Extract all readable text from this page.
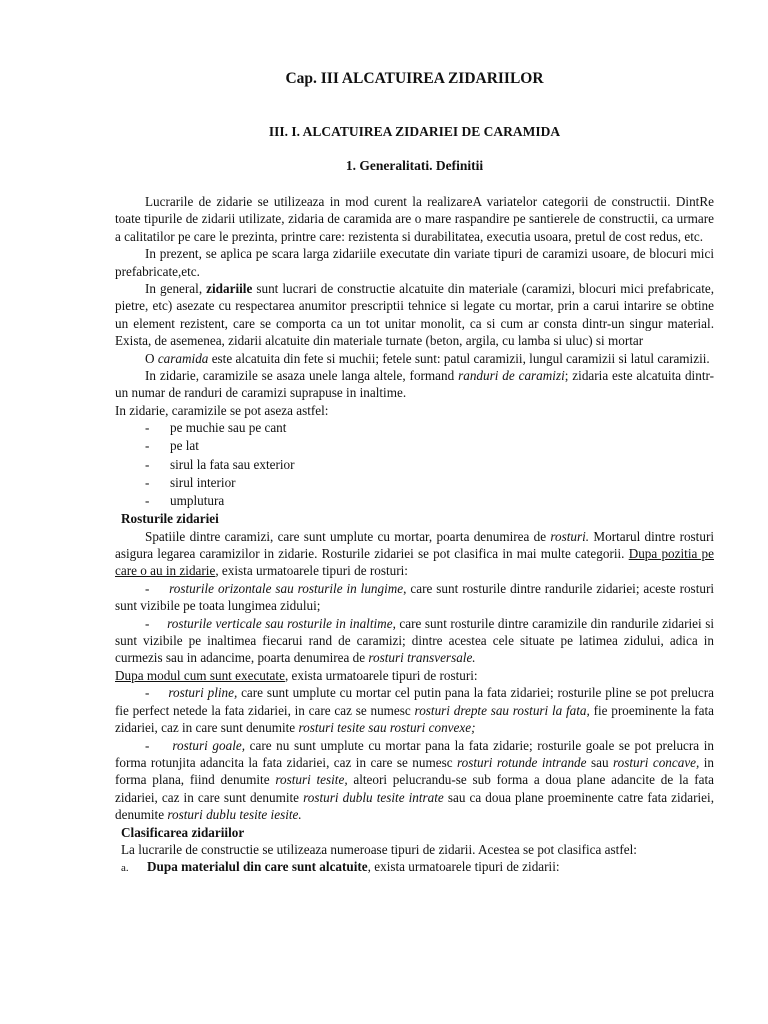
Cap. III ALCATUIREA ZIDARIILOR
III. I. ALCATUIREA ZIDARIEI DE CARAMIDA
1. Generalitati. Definitii

Lucrarile de zidarie se utilizeaza in mod curent la realizareA variatelor categorii de constructii. DintRe toate tipurile de zidarii utilizate, zidaria de caramida are o mare raspandire pe santierele de constructii, ca urmare a calitatilor pe care le prezinta, printre care: rezistenta si durabilitatea, executia usoara, pretul de cost redus, etc.

In prezent, se aplica pe scara larga zidariile executate din variate tipuri de caramizi usoare, de blocuri mici prefabricate,etc.

In general, zidariile sunt lucrari de constructie alcatuite din materiale (caramizi, blocuri mici prefabricate, pietre, etc) asezate cu respectarea anumitor prescriptii tehnice si legate cu mortar, prin a carui intarire se obtine un element rezistent, care se comporta ca un tot unitar monolit, ca si cum ar consta dintr-un singur material. Exista, de asemenea, zidarii alcatuite din materiale turnate (beton, argila, cu lamba si uluc) si mortar

O caramida este alcatuita din fete si muchii; fetele sunt: patul caramizii, lungul caramizii si latul caramizii.

In zidarie, caramizile se asaza unele langa altele, formand randuri de caramizi; zidaria este alcatuita dintr-un numar de randuri de caramizi suprapuse in inaltime.

In zidarie, caramizile se pot aseza astfel:

- pe muchie sau pe cant
- pe lat
- sirul la fata sau exterior
- sirul interior
- umplutura
Rosturile zidariei

Spatiile dintre caramizi, care sunt umplute cu mortar, poarta denumirea de rosturi. Mortarul dintre rosturi asigura legarea caramizilor in zidarie. Rosturile zidariei se pot clasifica in mai multe categorii. Dupa pozitia pe care o au in zidarie, exista urmatoarele tipuri de rosturi:

- rosturile orizontale sau rosturile in lungime, care sunt rosturile dintre randurile zidariei; aceste rosturi sunt vizibile pe toata lungimea zidului;

- rosturile verticale sau rosturile in inaltime, care sunt rosturile dintre caramizile din randurile zidariei si sunt vizibile pe inaltimea fiecarui rand de caramizi; dintre acestea cele situate pe latimea zidului, adica in curmezis sau in adancime, poarta denumirea de rosturi transversale.

Dupa modul cum sunt executate, exista urmatoarele tipuri de rosturi:

- rosturi pline, care sunt umplute cu mortar cel putin pana la fata zidariei; rosturile pline se pot prelucra fie perfect netede la fata zidariei, in care caz se numesc rosturi drepte sau rosturi la fata, fie proeminente la fata zidariei, caz in care sunt denumite rosturi tesite sau rosturi convexe;

- rosturi goale, care nu sunt umplute cu mortar pana la fata zidarie; rosturile goale se pot prelucra in forma rotunjita adancita la fata zidariei, caz in care se numesc rosturi rotunde intrande sau rosturi concave, in forma plana, fiind denumite rosturi tesite, alteori pelucrandu-se sub forma a doua plane adancite de la fata zidariei, caz in care sunt denumite rosturi dublu tesite intrate sau ca doua plane proeminente catre fata zidariei, denumite rosturi dublu tesite iesite.

Clasificarea zidariilor

La lucrarile de constructie se utilizeaza numeroase tipuri de zidarii. Acestea se pot clasifica astfel:

a. Dupa materialul din care sunt alcatuite, exista urmatoarele tipuri de zidarii:
